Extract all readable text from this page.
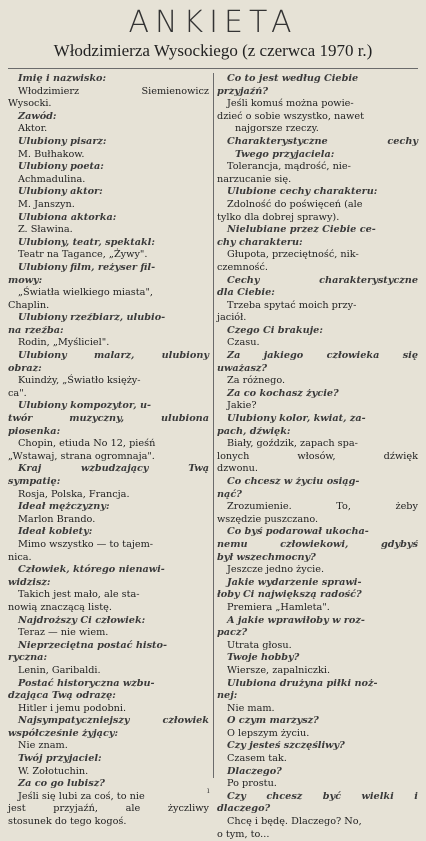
ANKIETA
Włodzimierza Wysockiego (z czerwca 1970 r.)
Imię i nazwisko:
Włodzimierz	Siemienowicz
Wysocki.
Zawód:
Aktor.
Ulubiony pisarz:
M. Bułhakow.
Ulubiony poeta:
Achmadulina.
Ulubiony aktor:
M. Janszyn.
Ulubiona aktorka:
Z. Sławina.
Ulubiony, teatr, spektakl:
Teatr na Tagance, „Żywy".
Ulubiony film, reżyser fil-
mowy:
„Światła wielkiego miasta",
Chaplin.
Ulubiony rzeźbiarz, ulubio-
na rzeźba:
Rodin, „Myśliciel".
Ulubiony	malarz,	ulubiony
obraz:
Kuindży, „Światło księży-
ca".
Ulubiony kompozytor, u-
twór	muzyczny,	ulubiona
piosenka:
Chopin, etiuda No 12, pieśń
„Wstawaj, strana ogromnaja".
Kraj	wzbudzający	Twą
sympatię:
Rosja, Polska, Francja.
Ideał mężczyzny:
Marlon Brando.
Ideał kobiety:
Mimo wszystko — to tajem-
nica.
Człowiek, którego nienawi-
widzisz:
Takich jest mało, ale sta-
nowią znaczącą listę.
Najdroższy Ci człowiek:
Teraz — nie wiem.
Nieprzeciętna postać histo-
ryczna:
Lenin, Garibaldi.
Postać historyczna wzbu-
dzająca Twą odrazę:
Hitler i jemu podobni.
Najsympatyczniejszy	człowiek
współcześnie żyjący:
Nie znam.
Twój przyjaciel:
W. Zołotuchin.
Za co go lubisz?
Jeśli się lubi za coś, to nie
jest	przyjaźń,	ale	życzliwy
stosunek do tego kogoś.
Co to jest według Ciebie
przyjaźń?
Jeśli komuś można powie-
dzieć o sobie wszystko, nawet
najgorsze rzeczy.
Charakterystyczne	cechy
Twego przyjaciela:
Tolerancja, mądrość, nie-
narzucanie się.
Ulubione cechy charakteru:
Zdolność do poświęceń (ale
tylko dla dobrej sprawy).
Nielubiane przez Ciebie ce-
chy charakteru:
Głupota, przeciętność, nik-
czemność.
Cechy	charakterystyczne
dla Ciebie:
Trzeba spytać moich przy-
jaciół.
Czego Ci brakuje:
Czasu.
Za jakiego człowieka się
uważasz?
Za różnego.
Za co kochasz życie?
Jakie?
Ulubiony kolor, kwiat, za-
pach, dźwięk:
Biały, goździk, zapach spa-
lonych	włosów,	dźwięk
dzwonu.
Co chcesz w życiu osiąg-
nąć?
Zrozumienie.	To,	żeby
wszędzie puszczano.
Co byś podarował ukocha-
nemu	człowiekowi,	gdybyś
był wszechmocny?
Jeszcze jedno życie.
Jakie wydarzenie sprawi-
łoby Ci największą radość?
Premiera „Hamleta".
A jakie wprawiłoby w roz-
pacz?
Utrata głosu.
Twoje hobby?
Wiersze, zapalniczki.
Ulubiona drużyna piłki noż-
nej:
Nie mam.
O czym marzysz?
O lepszym życiu.
Czy jesteś szczęśliwy?
Czasem tak.
Dlaczego?
Po prostu.
Czy chcesz być wielki i
dlaczego?
Chcę i będę. Dlaczego? No,
o tym, to...
ı
